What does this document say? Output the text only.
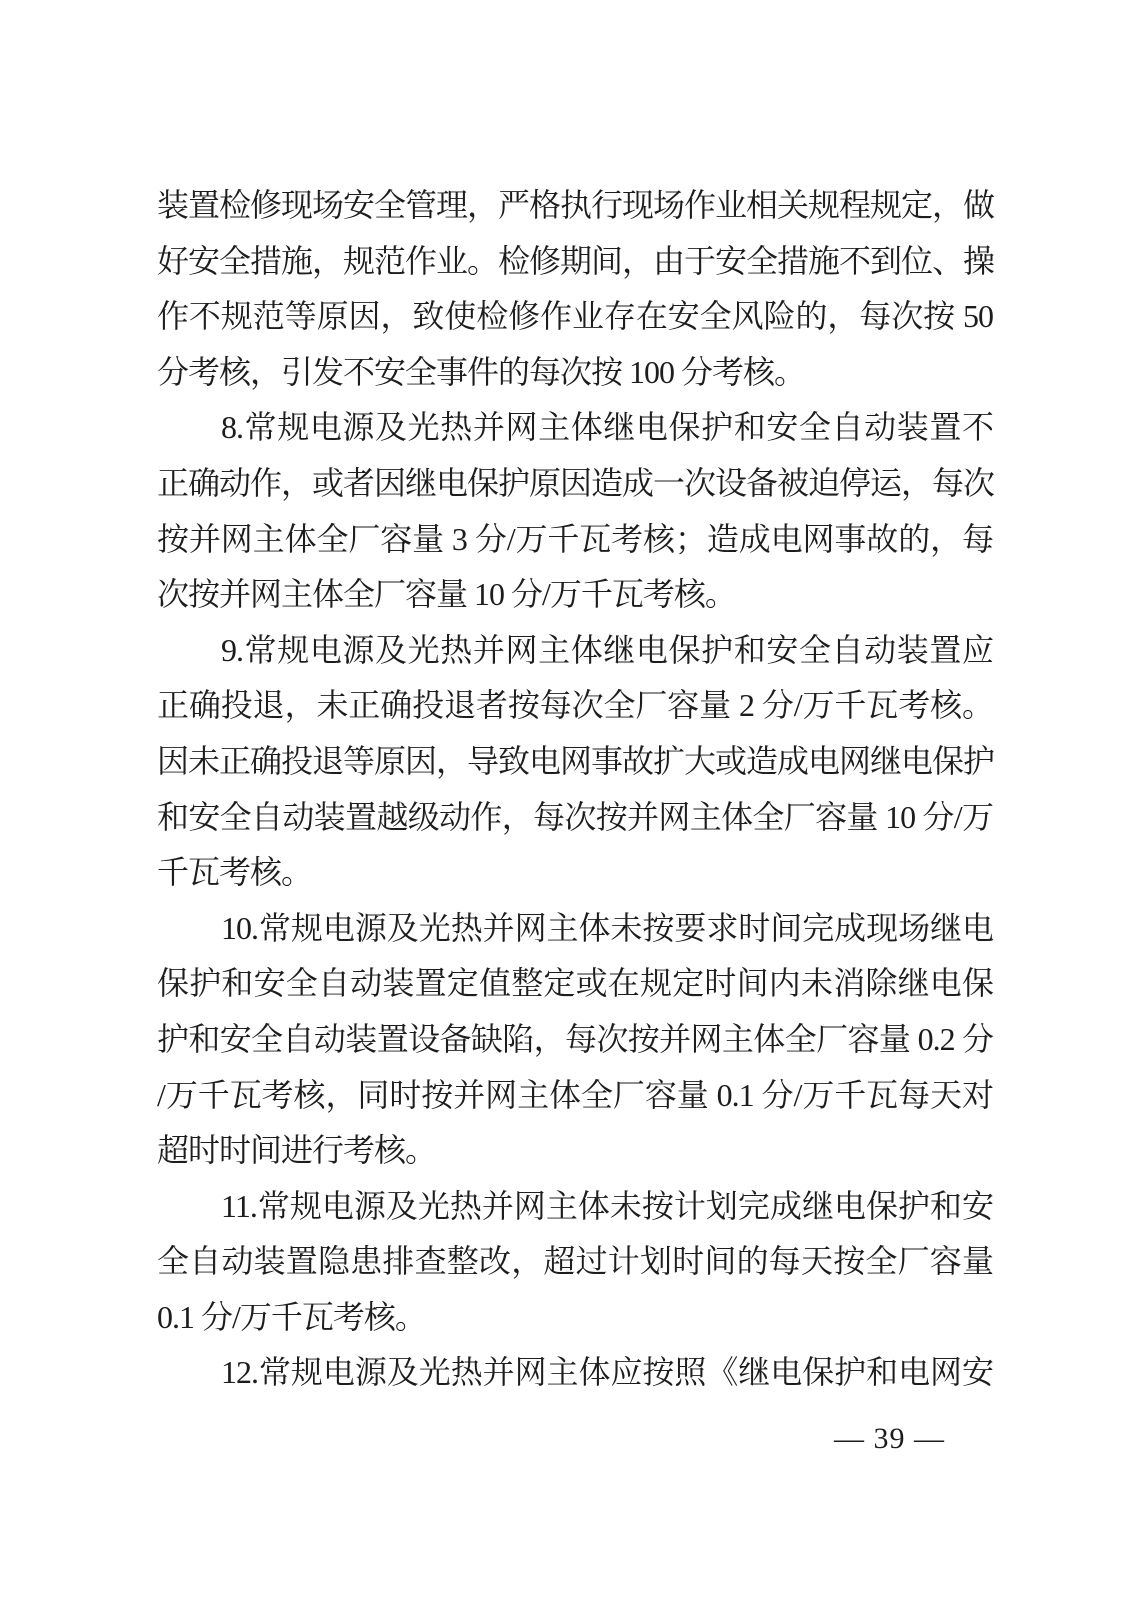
装置检修现场安全管理，严格执行现场作业相关规程规定，做
好安全措施，规范作业。检修期间，由于安全措施不到位、操
作不规范等原因，致使检修作业存在安全风险的，每次按 50
分考核，引发不安全事件的每次按 100 分考核。
8.常规电源及光热并网主体继电保护和安全自动装置不
正确动作，或者因继电保护原因造成一次设备被迫停运，每次
按并网主体全厂容量 3 分/万千瓦考核；造成电网事故的，每
次按并网主体全厂容量 10 分/万千瓦考核。
9.常规电源及光热并网主体继电保护和安全自动装置应
正确投退，未正确投退者按每次全厂容量 2 分/万千瓦考核。
因未正确投退等原因，导致电网事故扩大或造成电网继电保护
和安全自动装置越级动作，每次按并网主体全厂容量 10 分/万
千瓦考核。
10.常规电源及光热并网主体未按要求时间完成现场继电
保护和安全自动装置定值整定或在规定时间内未消除继电保
护和安全自动装置设备缺陷，每次按并网主体全厂容量 0.2 分
/万千瓦考核，同时按并网主体全厂容量 0.1 分/万千瓦每天对
超时时间进行考核。
11.常规电源及光热并网主体未按计划完成继电保护和安
全自动装置隐患排查整改，超过计划时间的每天按全厂容量
0.1 分/万千瓦考核。
12.常规电源及光热并网主体应按照《继电保护和电网安
— 39 —
